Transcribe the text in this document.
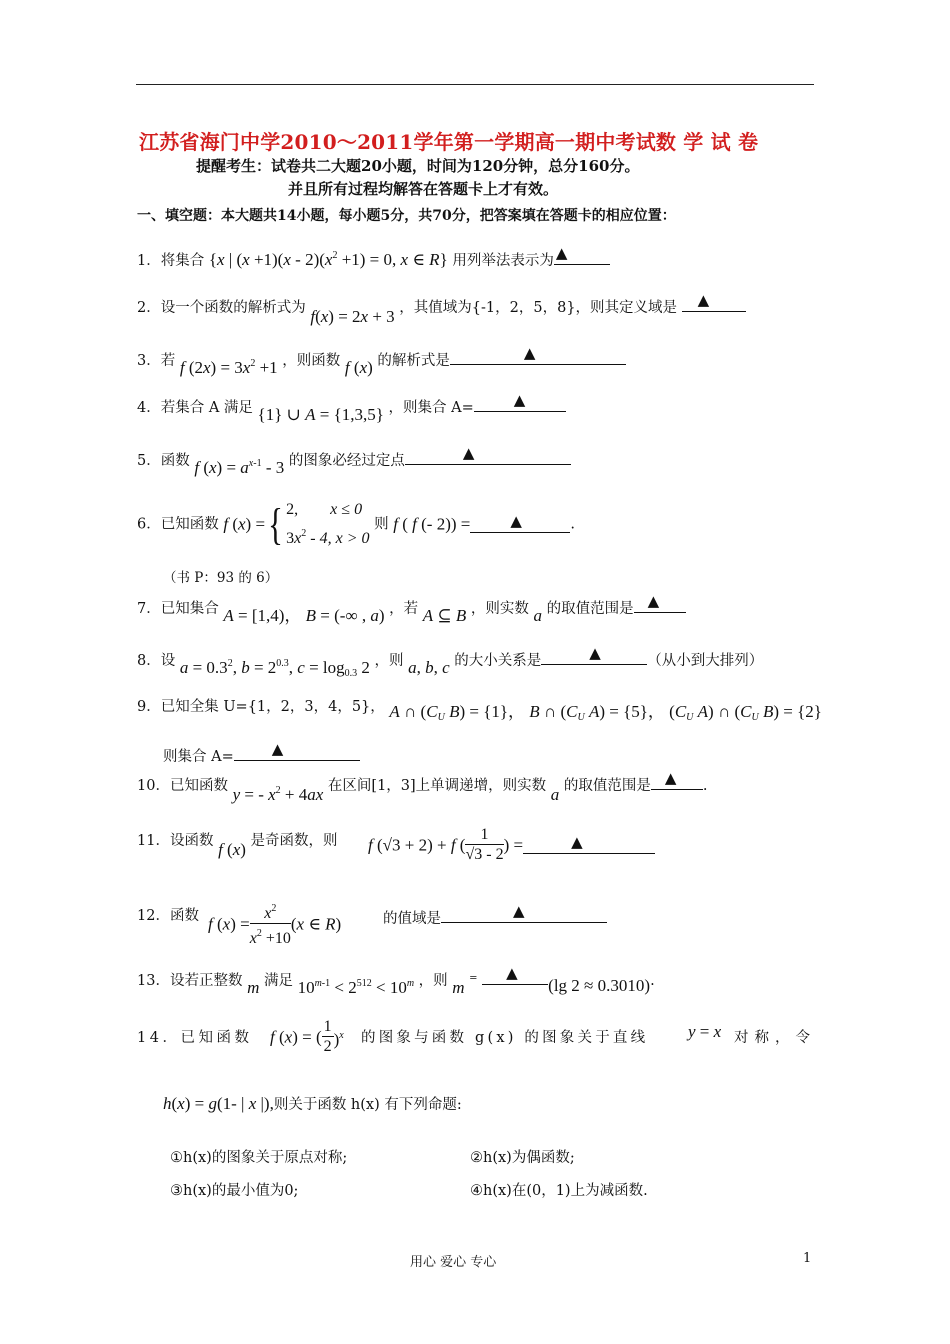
江苏省海门中学2010～2011学年第一学期高一期中考试数 学 试 卷
提醒考生：试卷共二大题20小题，时间为120分钟，总分160分。
并且所有过程均解答在答题卡上才有效。
一、填空题：本大题共14小题，每小题5分，共70分，把答案填在答题卡的相应位置：
1．将集合 {x | $(x +1)(x - 2)(x^2 +1) = 0$, x ∈ R} 用列举法表示为 ▲
2．设一个函数的解析式为 f(x) = 2x + 3 ，其值域为{-1，2，5，8}，则其定义域是 ▲
3．若 f $(2x) = 3x^2 +1$ ，则函数 f (x) 的解析式是	▲
4．若集合 A 满足 {1} ∪ A = {1,3,5} ，则集合 A=	▲
5．函数 f $(x) = a^{x-1} - 3$ 的图象必经过定点	▲
6．已知函数 f (x) ={ 2, x ≤ 0
$3x^2 - 4$, x > 0 则 f ( f (- 2)) =	▲	.
（书 P：93 的 6）
7．已知集合 A = [1,4)， B = (-∞ , a) ，若 A ⊆ B ，则实数 a 的取值范围是 ▲
8．设 $a = 0.3^2$, $b = 2^{0.3}$, $c = \log_{0.3} 2$ ，则 a, b, c 的大小关系是	▲	（从小到大排列）
9．已知全集 U={1，2，3，4，5}， A ∩ ($C_U$ B) = {1}， B ∩ ($C_U$ A) = {5}， ($C_U$ A) ∩ ($C_U$ B) = {2}
则集合 A=	▲
10．已知函数 y = - $x^2 + 4ax$ 在区间[1，3]上单调递增，则实数 a 的取值范围是 ▲ .
11．设函数 f (x) 是奇函数，则 f (√3 + 2) + f ( $\frac{1}{√3 - 2}$ ) =	▲
12．函数 f $(x) = \frac{x^2}{x^2 +10} (x$ ∈ R)	的值域是	▲
13．设若正整数 m 满足 $10^{m-1} < 2^{512} < 10^m$ ，则 m = ▲
(lg 2 ≈ 0.3010).
14．已知函数 f (x) = ( $\frac{1}{2} )^x$ 的图象与函数 g(x) 的图象关于直线 y = x 对称，令
h(x) = g(1- | x |),则关于函数 h(x) 有下列命题:
①h(x)的图象关于原点对称;	②h(x)为偶函数;
③h(x)的最小值为0;	④h(x)在(0，1)上为减函数.
用心 爱心 专心	1
